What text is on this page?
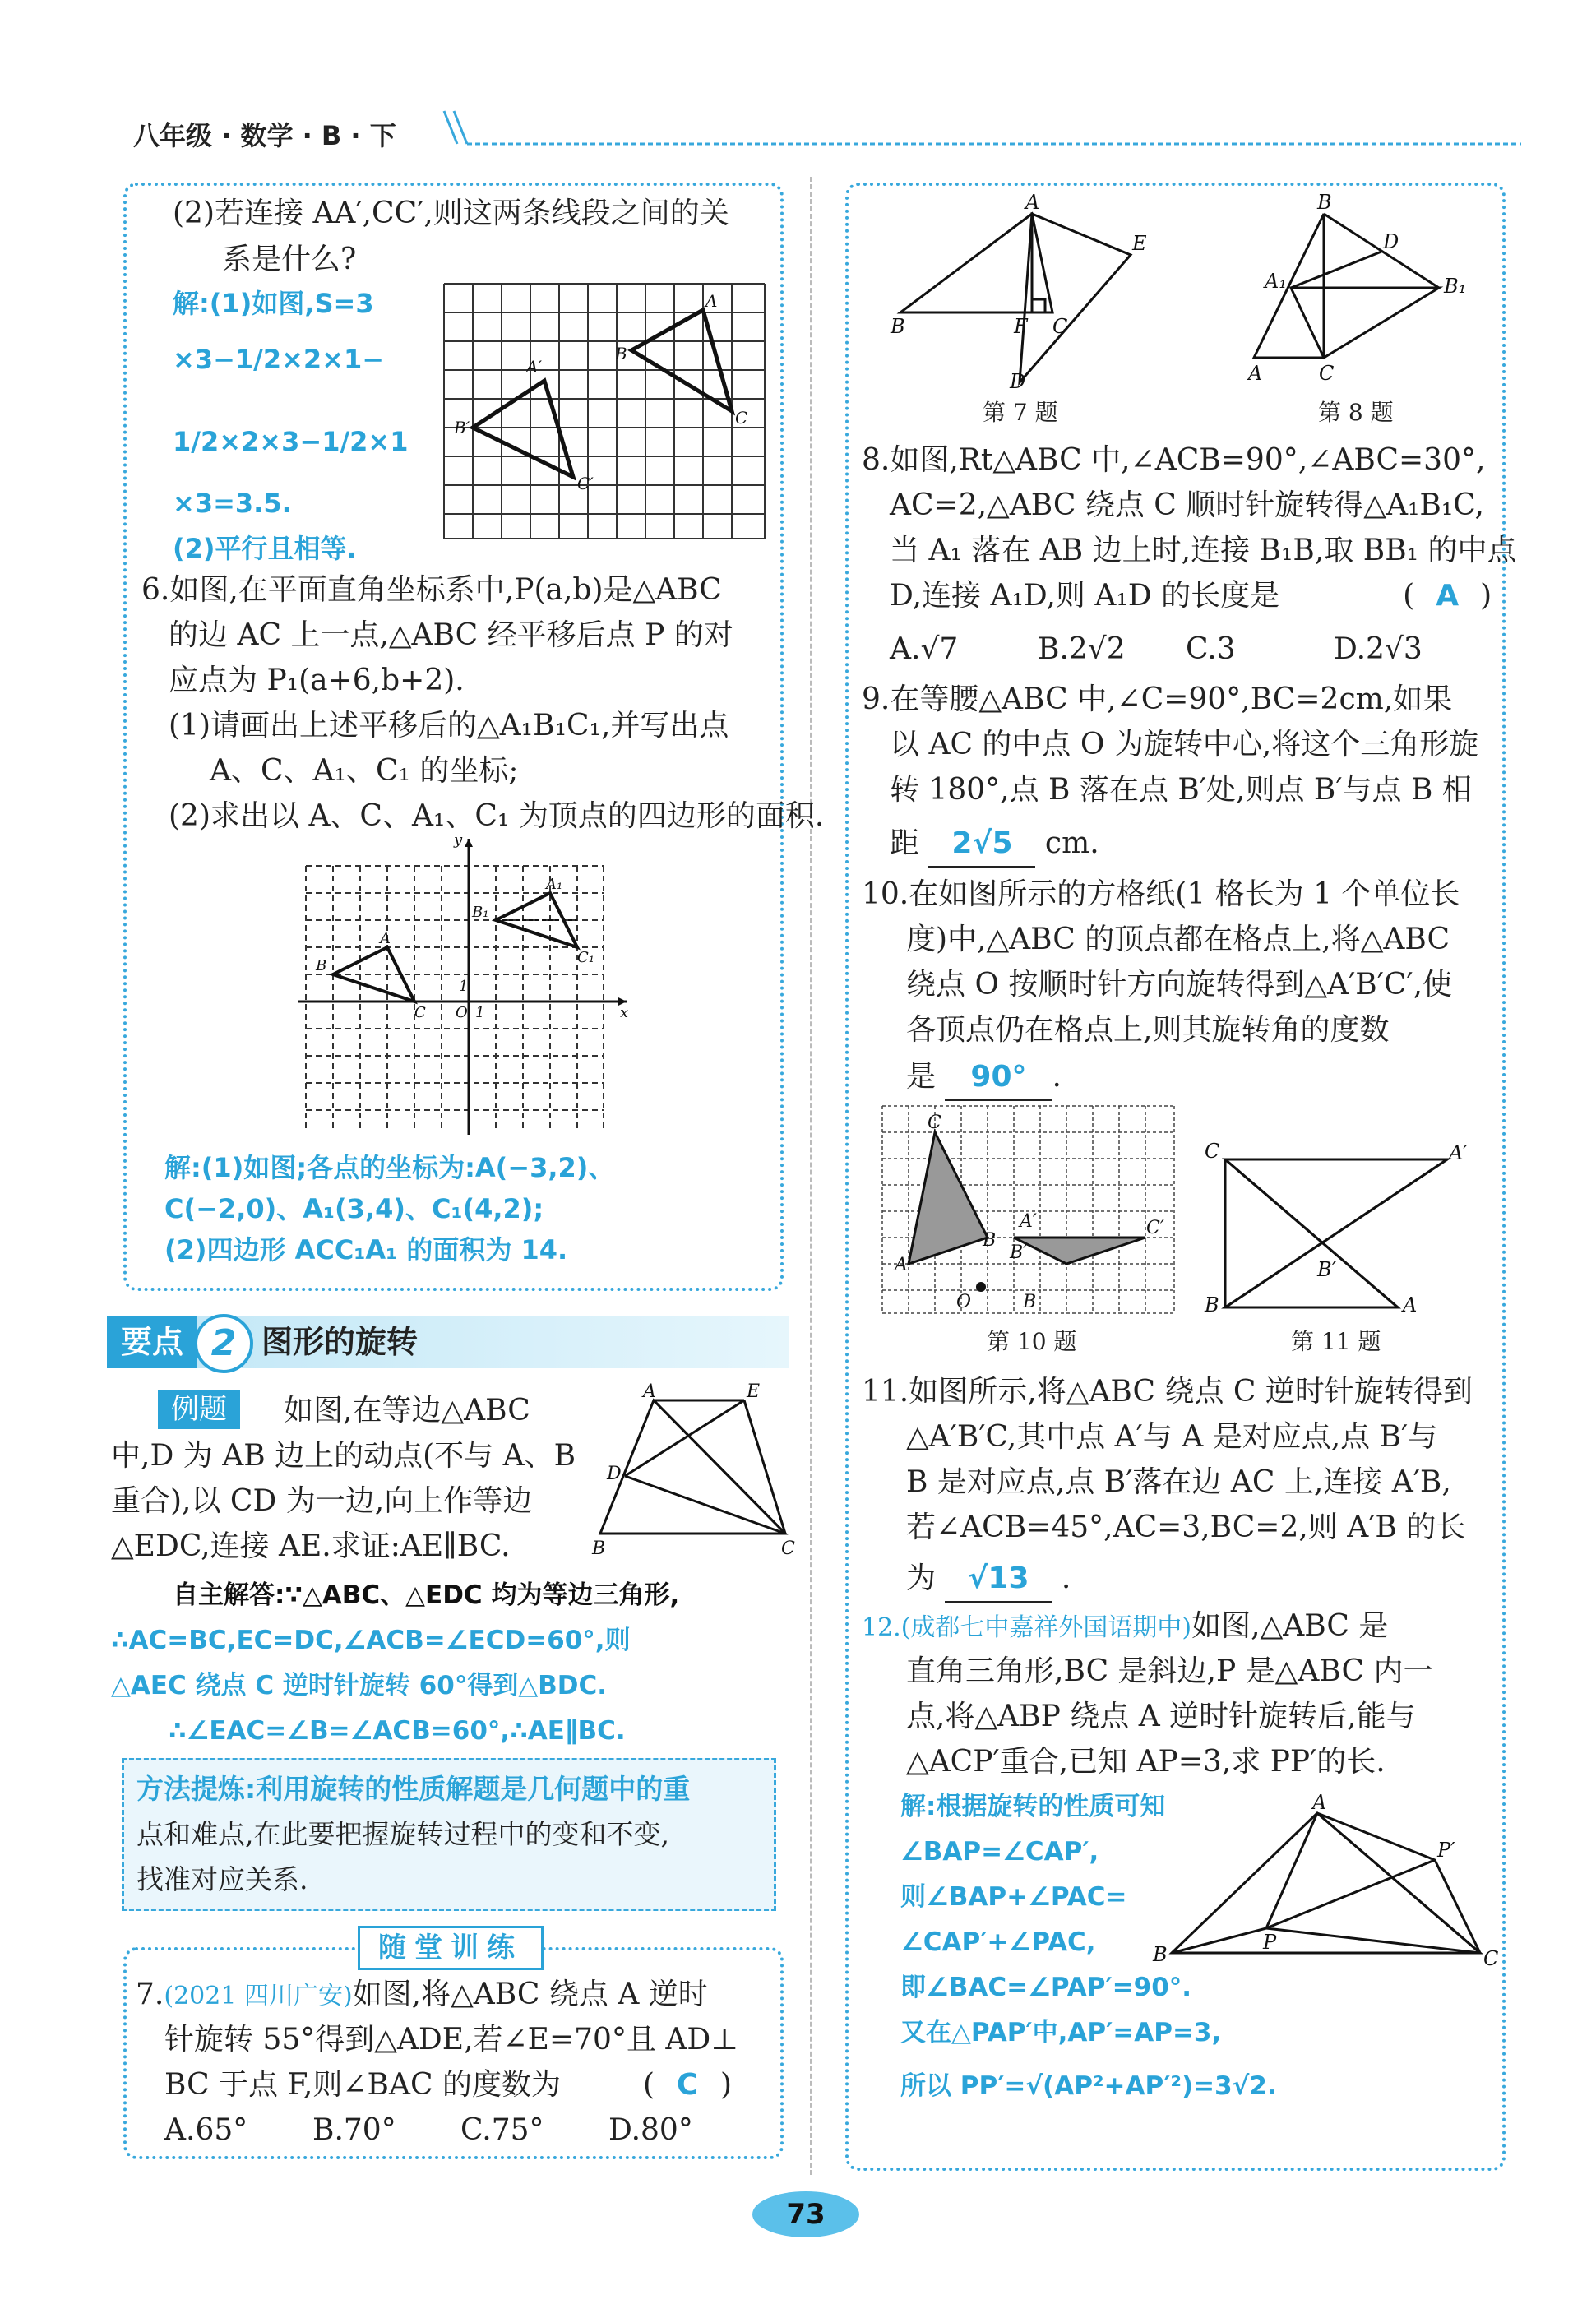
八年级 · 数学 · B · 下
(2)若连接 AA′,CC′,则这两条线段之间的关
系是什么?
解:(1)如图,S=3
×3−1/2×2×1−
1/2×2×3−1/2×1
×3=3.5.
(2)平行且相等.
B′
A′
C′
B
A
C
6.如图,在平面直角坐标系中,P(a,b)是△ABC
的边 AC 上一点,△ABC 经平移后点 P 的对
应点为 P₁(a+6,b+2).
(1)请画出上述平移后的△A₁B₁C₁,并写出点
A、C、A₁、C₁ 的坐标;
(2)求出以 A、C、A₁、C₁ 为顶点的四边形的面积.
x
y
O 1
1
B
A
C
B₁
A₁
C₁
解:(1)如图;各点的坐标为:A(−3,2)、
C(−2,0)、A₁(3,4)、C₁(4,2);
(2)四边形 ACC₁A₁ 的面积为 14.
要点 2 图形的旋转
例题	如图,在等边△ABC
中,D 为 AB 边上的动点(不与 A、B
重合),以 CD 为一边,向上作等边
△EDC,连接 AE.求证:AE∥BC.
A	E
D
B	C
自主解答:∵△ABC、△EDC 均为等边三角形,
∴AC=BC,EC=DC,∠ACB=∠ECD=60°,则
△AEC 绕点 C 逆时针旋转 60°得到△BDC.
∴∠EAC=∠B=∠ACB=60°,∴AE∥BC.
方法提炼:利用旋转的性质解题是几何题中的重
点和难点,在此要把握旋转过程中的变和不变,
找准对应关系.
随堂训练
7.(2021 四川广安)如图,将△ABC 绕点 A 逆时
针旋转 55°得到△ADE,若∠E=70°且 AD⊥
BC 于点 F,则∠BAC 的度数为	( C )
A.65° B.70° C.75° D.80°
A
E
B	F C
D
第 7 题
B
D
A₁	B₁
A	C
第 8 题
8.如图,Rt△ABC 中,∠ACB=90°,∠ABC=30°,
AC=2,△ABC 绕点 C 顺时针旋转得△A₁B₁C,
当 A₁ 落在 AB 边上时,连接 B₁B,取 BB₁ 的中点
D,连接 A₁D,则 A₁D 的长度是	( A )
A.√7	B.2√2 C.3	D.2√3
9.在等腰△ABC 中,∠C=90°,BC=2cm,如果
以 AC 的中点 O 为旋转中心,将这个三角形旋
转 180°,点 B 落在点 B′处,则点 B′与点 B 相
距 2√5 cm.
10.在如图所示的方格纸(1 格长为 1 个单位长
度)中,△ABC 的顶点都在格点上,将△ABC
绕点 O 按顺时针方向旋转得到△A′B′C′,使
各顶点仍在格点上,则其旋转角的度数
是 90° .
C
A
B
A′
B′
C′
O	B
第 10 题
C	A′
B′
B	A
第 11 题
11.如图所示,将△ABC 绕点 C 逆时针旋转得到
△A′B′C,其中点 A′与 A 是对应点,点 B′与
B 是对应点,点 B′落在边 AC 上,连接 A′B,
若∠ACB=45°,AC=3,BC=2,则 A′B 的长
为 √13 .
12.(成都七中嘉祥外国语期中)如图,△ABC 是
直角三角形,BC 是斜边,P 是△ABC 内一
点,将△ABP 绕点 A 逆时针旋转后,能与
△ACP′重合,已知 AP=3,求 PP′的长.
解:根据旋转的性质可知
∠BAP=∠CAP′,
则∠BAP+∠PAC=
∠CAP′+∠PAC,
即∠BAC=∠PAP′=90°.
又在△PAP′中,AP′=AP=3,
所以 PP′=√(AP²+AP′²)=3√2.
A
P′
P
B	C
73
